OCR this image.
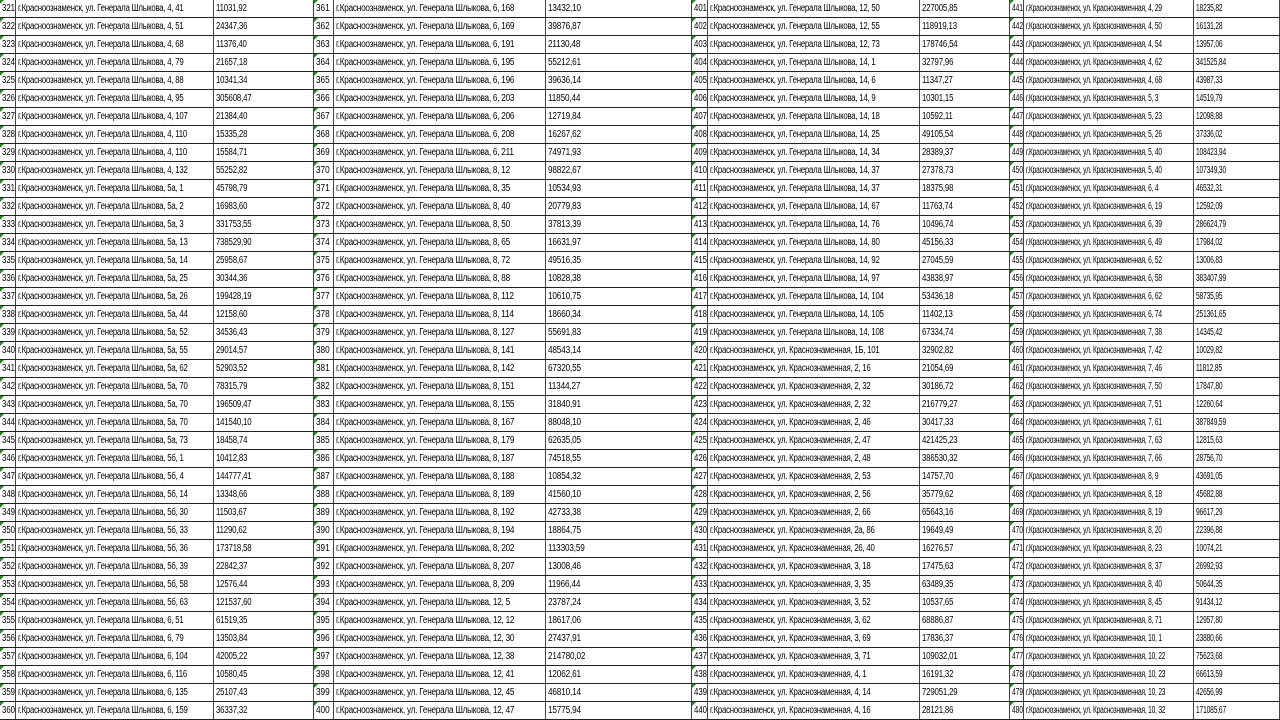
321 г.Красноознаменск, ул. Генерала Шлыкова, 4, 41	11031,92	361 г.Красноознаменск, ул. Генерала Шлыкова, 6, 168	13432,10	401 г.Красноознаменск, ул. Генерала Шлыкова, 12, 50	227005,85	441 г.Красноознаменск, ул. Краснознаменная, 4, 29	18235,82
322 г.Красноознаменск, ул. Генерала Шлыкова, 4, 51	24347,36	362 г.Красноознаменск, ул. Генерала Шлыкова, 6, 169	39876,87	402 г.Красноознаменск, ул. Генерала Шлыкова, 12, 55	118919,13	442 г.Красноознаменск, ул. Краснознаменная, 4, 50	16131,28
323 г.Красноознаменск, ул. Генерала Шлыкова, 4, 68	11376,40	363 г.Красноознаменск, ул. Генерала Шлыкова, 6, 191	21130,48	403 г.Красноознаменск, ул. Генерала Шлыкова, 12, 73	178746,54	443 г.Красноознаменск, ул. Краснознаменная, 4, 54	13957,06
324 г.Красноознаменск, ул. Генерала Шлыкова, 4, 79	21657,18	364 г.Красноознаменск, ул. Генерала Шлыкова, 6, 195	55212,61	404 г.Красноознаменск, ул. Генерала Шлыкова, 14, 1	32797,96	444 г.Красноознаменск, ул. Краснознаменная, 4, 62	341525,84
325 г.Красноознаменск, ул. Генерала Шлыкова, 4, 88	10341,34	365 г.Красноознаменск, ул. Генерала Шлыкова, 6, 196	39636,14	405 г.Красноознаменск, ул. Генерала Шлыкова, 14, 6	11347,27	445 г.Красноознаменск, ул. Краснознаменная, 4, 68	43987,33
326 г.Красноознаменск, ул. Генерала Шлыкова, 4, 95	305608,47	366 г.Красноознаменск, ул. Генерала Шлыкова, 6, 203	11850,44	406 г.Красноознаменск, ул. Генерала Шлыкова, 14, 9	10301,15	446 г.Красноознаменск, ул. Краснознаменная, 5, 3	14519,79
327 г.Красноознаменск, ул. Генерала Шлыкова, 4, 107	21384,40	367 г.Красноознаменск, ул. Генерала Шлыкова, 6, 206	12719,84	407 г.Красноознаменск, ул. Генерала Шлыкова, 14, 18	10592,11	447 г.Красноознаменск, ул. Краснознаменная, 5, 23	12098,88
328 г.Красноознаменск, ул. Генерала Шлыкова, 4, 110	15335,28	368 г.Красноознаменск, ул. Генерала Шлыкова, 6, 208	16267,62	408 г.Красноознаменск, ул. Генерала Шлыкова, 14, 25	49105,54	448 г.Красноознаменск, ул. Краснознаменная, 5, 26	37336,02
329 г.Красноознаменск, ул. Генерала Шлыкова, 4, 110	15584,71	369 г.Красноознаменск, ул. Генерала Шлыкова, 6, 211	74971,93	409 г.Красноознаменск, ул. Генерала Шлыкова, 14, 34	28389,37	449 г.Красноознаменск, ул. Краснознаменная, 5, 40	108423,94
330 г.Красноознаменск, ул. Генерала Шлыкова, 4, 132	55252,82	370 г.Красноознаменск, ул. Генерала Шлыкова, 8, 12	98822,67	410 г.Красноознаменск, ул. Генерала Шлыкова, 14, 37	27378,73	450 г.Красноознаменск, ул. Краснознаменная, 5, 40	107349,30
331 г.Красноознаменск, ул. Генерала Шлыкова, 5а, 1	45798,79	371 г.Красноознаменск, ул. Генерала Шлыкова, 8, 35	10534,93	411 г.Красноознаменск, ул. Генерала Шлыкова, 14, 37	18375,98	451 г.Красноознаменск, ул. Краснознаменная, 6, 4	46532,31
332 г.Красноознаменск, ул. Генерала Шлыкова, 5а, 2	16983,60	372 г.Красноознаменск, ул. Генерала Шлыкова, 8, 40	20779,83	412 г.Красноознаменск, ул. Генерала Шлыкова, 14, 67	11763,74	452 г.Красноознаменск, ул. Краснознаменная, 6, 19	12592,09
333 г.Красноознаменск, ул. Генерала Шлыкова, 5а, 3	331753,55	373 г.Красноознаменск, ул. Генерала Шлыкова, 8, 50	37813,39	413 г.Красноознаменск, ул. Генерала Шлыкова, 14, 76	10496,74	453 г.Красноознаменск, ул. Краснознаменная, 6, 39	286624,79
334 г.Красноознаменск, ул. Генерала Шлыкова, 5а, 13	738529,90	374 г.Красноознаменск, ул. Генерала Шлыкова, 8, 65	16631,97	414 г.Красноознаменск, ул. Генерала Шлыкова, 14, 80	45156,33	454 г.Красноознаменск, ул. Краснознаменная, 6, 49	17984,02
335 г.Красноознаменск, ул. Генерала Шлыкова, 5а, 14	25958,67	375 г.Красноознаменск, ул. Генерала Шлыкова, 8, 72	49516,35	415 г.Красноознаменск, ул. Генерала Шлыкова, 14, 92	27045,59	455 г.Красноознаменск, ул. Краснознаменная, 6, 52	13006,83
336 г.Красноознаменск, ул. Генерала Шлыкова, 5а, 25	30344,36	376 г.Красноознаменск, ул. Генерала Шлыкова, 8, 88	10828,38	416 г.Красноознаменск, ул. Генерала Шлыкова, 14, 97	43838,97	456 г.Красноознаменск, ул. Краснознаменная, 6, 58	383407,99
337 г.Красноознаменск, ул. Генерала Шлыкова, 5а, 26	199428,19	377 г.Красноознаменск, ул. Генерала Шлыкова, 8, 112	10610,75	417 г.Красноознаменск, ул. Генерала Шлыкова, 14, 104	53436,18	457 г.Красноознаменск, ул. Краснознаменная, 6, 62	58735,95
338 г.Красноознаменск, ул. Генерала Шлыкова, 5а, 44	12158,60	378 г.Красноознаменск, ул. Генерала Шлыкова, 8, 114	18660,34	418 г.Красноознаменск, ул. Генерала Шлыкова, 14, 105	11402,13	458 г.Красноознаменск, ул. Краснознаменная, 6, 74	251361,65
339 г.Красноознаменск, ул. Генерала Шлыкова, 5а, 52	34536,43	379 г.Красноознаменск, ул. Генерала Шлыкова, 8, 127	55691,83	419 г.Красноознаменск, ул. Генерала Шлыкова, 14, 108	67334,74	459 г.Красноознаменск, ул. Краснознаменная, 7, 38	14345,42
340 г.Красноознаменск, ул. Генерала Шлыкова, 5а, 55	29014,57	380 г.Красноознаменск, ул. Генерала Шлыкова, 8, 141	48543,14	420 г.Красноознаменск, ул. Краснознаменная, 1Б, 101	32902,82	460 г.Красноознаменск, ул. Краснознаменная, 7, 42	10029,82
341 г.Красноознаменск, ул. Генерала Шлыкова, 5а, 62	52903,52	381 г.Красноознаменск, ул. Генерала Шлыкова, 8, 142	67320,55	421 г.Красноознаменск, ул. Краснознаменная, 2, 16	21054,69	461 г.Красноознаменск, ул. Краснознаменная, 7, 46	11812,85
342 г.Красноознаменск, ул. Генерала Шлыкова, 5а, 70	78315,79	382 г.Красноознаменск, ул. Генерала Шлыкова, 8, 151	11344,27	422 г.Красноознаменск, ул. Краснознаменная, 2, 32	30186,72	462 г.Красноознаменск, ул. Краснознаменная, 7, 50	17847,80
343 г.Красноознаменск, ул. Генерала Шлыкова, 5а, 70	196509,47	383 г.Красноознаменск, ул. Генерала Шлыкова, 8, 155	31840,91	423 г.Красноознаменск, ул. Краснознаменная, 2, 32	216779,27	463 г.Красноознаменск, ул. Краснознаменная, 7, 51	12260,64
344 г.Красноознаменск, ул. Генерала Шлыкова, 5а, 70	141540,10	384 г.Красноознаменск, ул. Генерала Шлыкова, 8, 167	88048,10	424 г.Красноознаменск, ул. Краснознаменная, 2, 46	30417,33	464 г.Красноознаменск, ул. Краснознаменная, 7, 61	387849,59
345 г.Красноознаменск, ул. Генерала Шлыкова, 5а, 73	18458,74	385 г.Красноознаменск, ул. Генерала Шлыкова, 8, 179	62635,05	425 г.Красноознаменск, ул. Краснознаменная, 2, 47	421425,23	465 г.Красноознаменск, ул. Краснознаменная, 7, 63	12815,63
346 г.Красноознаменск, ул. Генерала Шлыкова, 5б, 1	10412,83	386 г.Красноознаменск, ул. Генерала Шлыкова, 8, 187	74518,55	426 г.Красноознаменск, ул. Краснознаменная, 2, 48	386530,32	466 г.Красноознаменск, ул. Краснознаменная, 7, 66	28756,70
347 г.Красноознаменск, ул. Генерала Шлыкова, 5б, 4	144777,41	387 г.Красноознаменск, ул. Генерала Шлыкова, 8, 188	10854,32	427 г.Красноознаменск, ул. Краснознаменная, 2, 53	14757,70	467 г.Красноознаменск, ул. Краснознаменная, 8, 9	43691,05
348 г.Красноознаменск, ул. Генерала Шлыкова, 5б, 14	13348,66	388 г.Красноознаменск, ул. Генерала Шлыкова, 8, 189	41560,10	428 г.Красноознаменск, ул. Краснознаменная, 2, 56	35779,62	468 г.Красноознаменск, ул. Краснознаменная, 8, 18	45682,88
349 г.Красноознаменск, ул. Генерала Шлыкова, 5б, 30	11503,67	389 г.Красноознаменск, ул. Генерала Шлыкова, 8, 192	42733,38	429 г.Красноознаменск, ул. Краснознаменная, 2, 66	65643,16	469 г.Красноознаменск, ул. Краснознаменная, 8, 19	96617,29
350 г.Красноознаменск, ул. Генерала Шлыкова, 5б, 33	11290,62	390 г.Красноознаменск, ул. Генерала Шлыкова, 8, 194	18864,75	430 г.Красноознаменск, ул. Краснознаменная, 2а, 86	19649,49	470 г.Красноознаменск, ул. Краснознаменная, 8, 20	22396,88
351 г.Красноознаменск, ул. Генерала Шлыкова, 5б, 36	173718,58	391 г.Красноознаменск, ул. Генерала Шлыкова, 8, 202	113303,59	431 г.Красноознаменск, ул. Краснознаменная, 26, 40	16276,57	471 г.Красноознаменск, ул. Краснознаменная, 8, 23	10074,21
352 г.Красноознаменск, ул. Генерала Шлыкова, 5б, 39	22842,37	392 г.Красноознаменск, ул. Генерала Шлыкова, 8, 207	13008,46	432 г.Красноознаменск, ул. Краснознаменная, 3, 18	17475,63	472 г.Красноознаменск, ул. Краснознаменная, 8, 37	26992,93
353 г.Красноознаменск, ул. Генерала Шлыкова, 5б, 58	12576,44	393 г.Красноознаменск, ул. Генерала Шлыкова, 8, 209	11966,44	433 г.Красноознаменск, ул. Краснознаменная, 3, 35	63489,35	473 г.Красноознаменск, ул. Краснознаменная, 8, 40	50644,35
354 г.Красноознаменск, ул. Генерала Шлыкова, 5б, 63	121537,60	394 г.Красноознаменск, ул. Генерала Шлыкова, 12, 5	23787,24	434 г.Красноознаменск, ул. Краснознаменная, 3, 52	10537,65	474 г.Красноознаменск, ул. Краснознаменная, 8, 45	91434,12
355 г.Красноознаменск, ул. Генерала Шлыкова, 6, 51	61519,35	395 г.Красноознаменск, ул. Генерала Шлыкова, 12, 12	18617,06	435 г.Красноознаменск, ул. Краснознаменная, 3, 62	68886,87	475 г.Красноознаменск, ул. Краснознаменная, 8, 71	12957,80
356 г.Красноознаменск, ул. Генерала Шлыкова, 6, 79	13503,84	396 г.Красноознаменск, ул. Генерала Шлыкова, 12, 30	27437,91	436 г.Красноознаменск, ул. Краснознаменная, 3, 69	17836,37	476 г.Красноознаменск, ул. Краснознаменная, 10, 1	23880,66
357 г.Красноознаменск, ул. Генерала Шлыкова, 6, 104	42005,22	397 г.Красноознаменск, ул. Генерала Шлыкова, 12, 38	214780,02	437 г.Красноознаменск, ул. Краснознаменная, 3, 71	109032,01	477 г.Красноознаменск, ул. Краснознаменная, 10, 22	75623,68
358 г.Красноознаменск, ул. Генерала Шлыкова, 6, 116	10580,45	398 г.Красноознаменск, ул. Генерала Шлыкова, 12, 41	12062,61	438 г.Красноознаменск, ул. Краснознаменная, 4, 1	16191,32	478 г.Красноознаменск, ул. Краснознаменная, 10, 23	66613,59
359 г.Красноознаменск, ул. Генерала Шлыкова, 6, 135	25107,43	399 г.Красноознаменск, ул. Генерала Шлыкова, 12, 45	46810,14	439 г.Красноознаменск, ул. Краснознаменная, 4, 14	729051,29	479 г.Красноознаменск, ул. Краснознаменная, 10, 23	42656,99
360 г.Красноознаменск, ул. Генерала Шлыкова, 6, 159	36337,32	400 г.Красноознаменск, ул. Генерала Шлыкова, 12, 47	15775,94	440 г.Красноознаменск, ул. Краснознаменная, 4, 16	28121,86	480 г.Красноознаменск, ул. Краснознаменная, 10, 32	171085,67
